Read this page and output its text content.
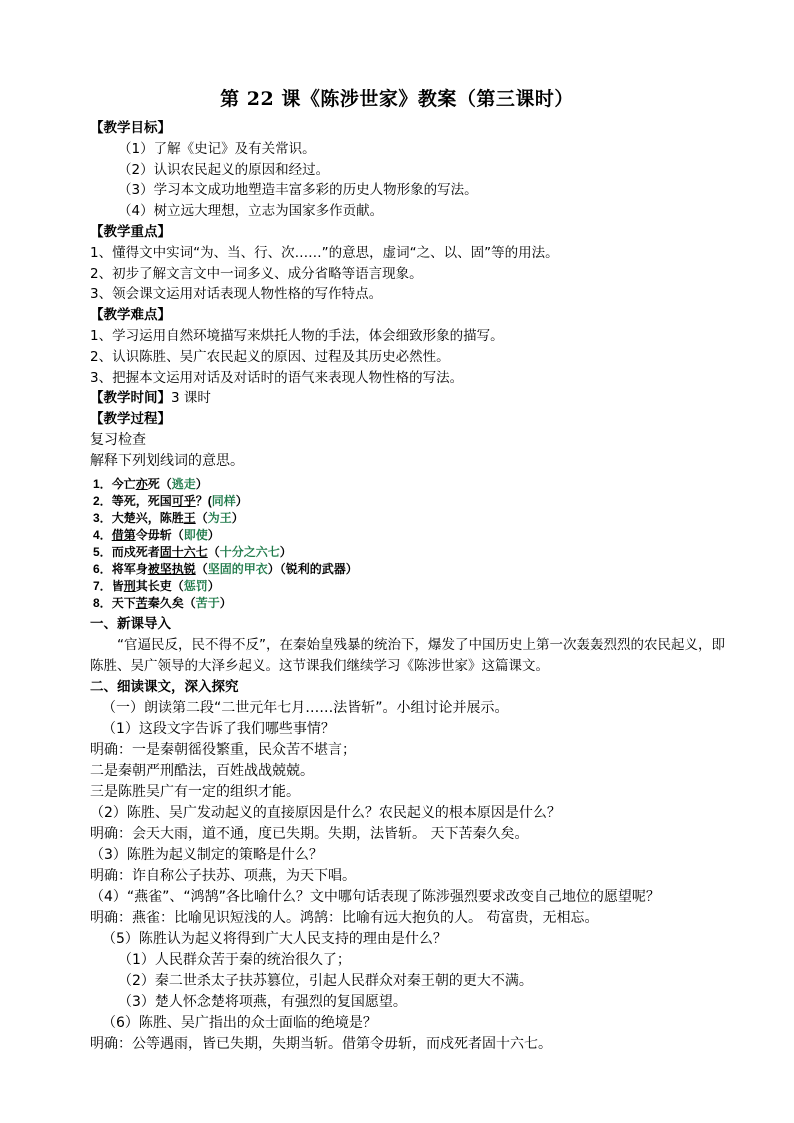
第 22 课《陈涉世家》教案（第三课时）
【教学目标】
（1）了解《史记》及有关常识。
（2）认识农民起义的原因和经过。
（3）学习本文成功地塑造丰富多彩的历史人物形象的写法。
（4）树立远大理想，立志为国家多作贡献。
【教学重点】
1、懂得文中实词“为、当、行、次……”的意思，虚词“之、以、固”等的用法。
2、初步了解文言文中一词多义、成分省略等语言现象。
3、领会课文运用对话表现人物性格的写作特点。
【教学难点】
1、学习运用自然环境描写来烘托人物的手法，体会细致形象的描写。
2、认识陈胜、吴广农民起义的原因、过程及其历史必然性。
3、把握本文运用对话及对话时的语气来表现人物性格的写法。
【教学时间】3 课时
【教学过程】
复习检查
解释下列划线词的意思。
1．今亡亦死（逃走）
2．等死，死国可乎？(同样）
3．大楚兴，陈胜王（为王）
4．借第令毋斩（即使）
5．而戍死者固十六七（十分之六七）
6．将军身被坚执锐（坚固的甲衣）（锐利的武器）
7．皆刑其长吏（惩罚）
8．天下苦秦久矣（苦于）
一、新课导入
“官逼民反，民不得不反”，在秦始皇残暴的统治下，爆发了中国历史上第一次轰轰烈烈的农民起义，即陈胜、吴广领导的大泽乡起义。这节课我们继续学习《陈涉世家》这篇课文。
二、细读课文，深入探究
（一）朗读第二段“二世元年七月……法皆斩”。小组讨论并展示。
（1）这段文字告诉了我们哪些事情？
明确：一是秦朝徭役繁重，民众苦不堪言；
二是秦朝严刑酷法，百姓战战兢兢。
三是陈胜吴广有一定的组织才能。
（2）陈胜、吴广发动起义的直接原因是什么？农民起义的根本原因是什么？
明确：会天大雨，道不通，度已失期。失期，法皆斩。 天下苦秦久矣。
（3）陈胜为起义制定的策略是什么？
明确：诈自称公子扶苏、项燕，为天下唱。
（4）“燕雀”、“鸿鹄”各比喻什么？文中哪句话表现了陈涉强烈要求改变自己地位的愿望呢？
明确：燕雀：比喻见识短浅的人。鸿鹄：比喻有远大抱负的人。 苟富贵，无相忘。
（5）陈胜认为起义将得到广大人民支持的理由是什么？
（1）人民群众苦于秦的统治很久了；
（2）秦二世杀太子扶苏篡位，引起人民群众对秦王朝的更大不满。
（3）楚人怀念楚将项燕，有强烈的复国愿望。
（6）陈胜、吴广指出的众士面临的绝境是？
明确：公等遇雨，皆已失期，失期当斩。借第令毋斩，而戍死者固十六七。
